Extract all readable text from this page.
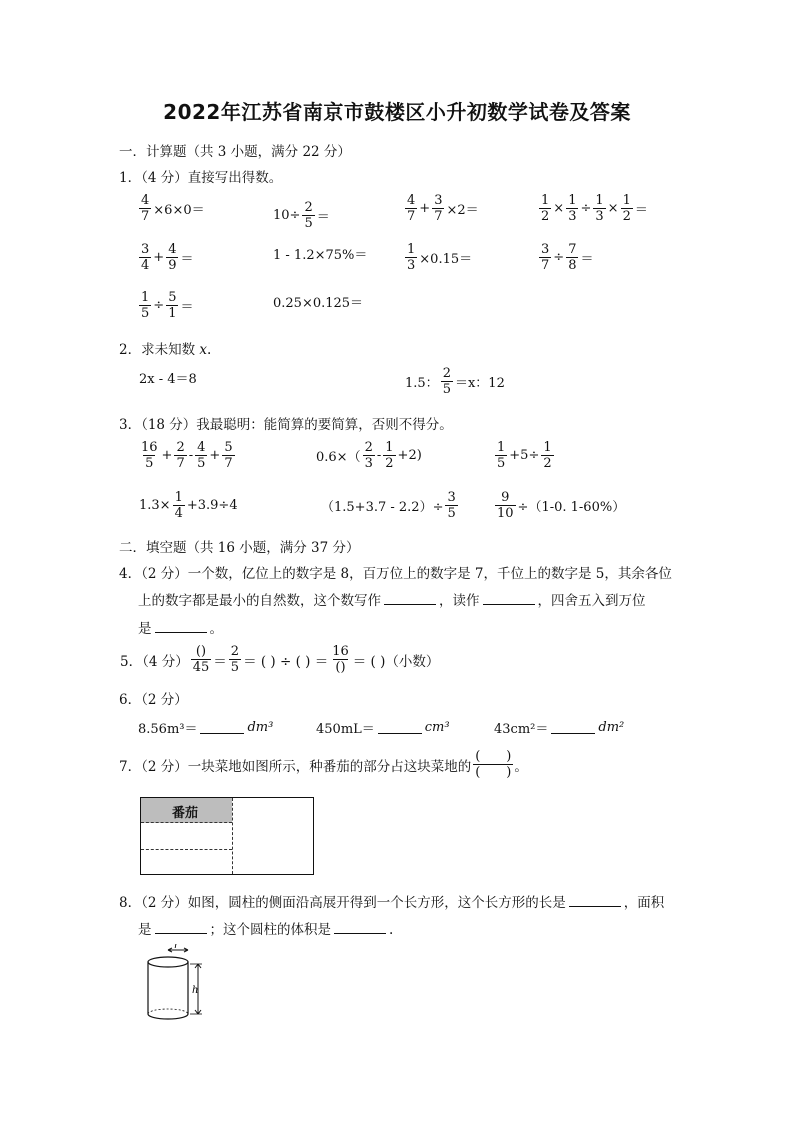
2022年江苏省南京市鼓楼区小升初数学试卷及答案
一．计算题（共 3 小题，满分 22 分）
1．（4 分）直接写出得数。
$\frac{4}{7} \times 6\times 0=$	$10\div \frac{2}{5}$ ＝	$\frac{4}{7} + \frac{3}{7} \times 2=$	$\frac{1}{2} \times \frac{1}{3} \div \frac{1}{3} \times \frac{1}{2}$ ＝
$\frac{3}{4} + \frac{4}{9}$ ＝	1 - 1.2×75%＝	$\frac{1}{3} \times 0.15=$	$\frac{3}{7} \div \frac{7}{8}$ ＝
$\frac{1}{5} \div \frac{5}{1}$ ＝	0.25×0.125＝
2．求未知数 x.
2x - 4＝8	1.5： $\frac{2}{5} =x$：12
3．（18 分）我最聪明：能简算的要简算，否则不得分。
$\frac{16}{5} + \frac{2}{7} - \frac{4}{5} + \frac{5}{7}$	$0.6\times( \frac{2}{3} - \frac{1}{2} +2)$	$\frac{1}{5} +5\div \frac{1}{2}$
$1.3\times \frac{1}{4} +3.9\div 4$	$(1.5+3.7 - 2.2)\div \frac{3}{5}$	$\frac{9}{10} \div(1-0$. 1-60%）
二．填空题（共 16 小题，满分 37 分）
4．（2 分）一个数，亿位上的数字是 8，百万位上的数字是 7，千位上的数字是 5，其余各位
上的数字都是最小的自然数，这个数写作	，读作	，四舍五入到万位
是	。
5．（4 分） $\frac{()}{45} = \frac{2}{5}$ ＝ ( ) ÷ ( ) ＝ $\frac{16}{()}$ ＝ ( )（小数）
6．（2 分）
8.56m³＝	dm³	450mL＝	cm³	43cm²＝	dm²
7．（2 分）一块菜地如图所示，种番茄的部分占这块菜地的 $\frac{( )}{( )}$ 。
番茄
8．（2 分）如图，圆柱的侧面沿高展开得到一个长方形，这个长方形的长是	，面积
是	；这个圆柱的体积是	.
r
h
